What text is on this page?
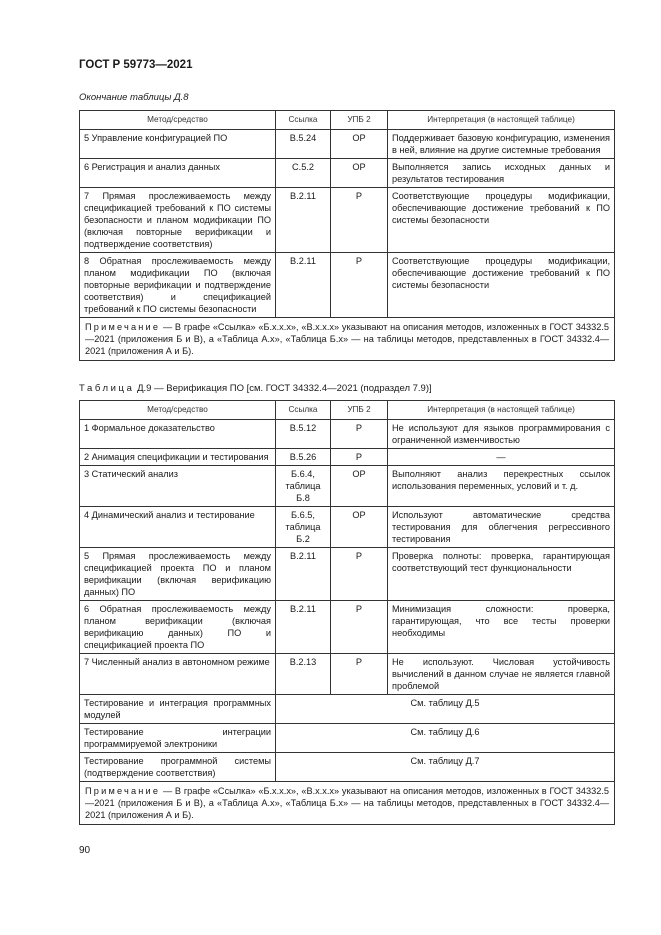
ГОСТ Р 59773—2021
Окончание таблицы Д.8
Метод/средство	Ссылка	УПБ 2	Интерпретация (в настоящей таблице)
5 Управление конфигурацией ПО	В.5.24	ОР	Поддерживает базовую конфигурацию, изменения в ней, влияние на другие системные требования
6 Регистрация и анализ данных	С.5.2	ОР	Выполняется запись исходных данных и результатов тестирования
7 Прямая прослеживаемость между спецификацией требований к ПО системы безопасности и планом модификации ПО (включая повторные верификации и подтверждение соответствия)	В.2.11	Р	Соответствующие процедуры модификации, обеспечивающие достижение требований к ПО системы безопасности
8 Обратная прослеживаемость между планом модификации ПО (включая повторные верификации и подтверждение соответствия) и спецификацией требований к ПО системы безопасности	В.2.11	Р	Соответствующие процедуры модификации, обеспечивающие достижение требований к ПО системы безопасности
Примечание — В графе «Ссылка» «Б.х.х.х», «В.х.х.х» указывают на описания методов, изложенных в ГОСТ 34332.5—2021 (приложения Б и В), а «Таблица А.х», «Таблица Б.х» — на таблицы методов, представленных в ГОСТ 34332.4—2021 (приложения А и Б).			
Таблица Д.9 — Верификация ПО [см. ГОСТ 34332.4—2021 (подраздел 7.9)]
Метод/средство	Ссылка	УПБ 2	Интерпретация (в настоящей таблице)
1 Формальное доказательство	В.5.12	Р	Не используют для языков программирования с ограниченной изменчивостью
2 Анимация спецификации и тестирования	В.5.26	Р	—
3 Статический анализ	Б.6.4, таблица Б.8	ОР	Выполняют анализ перекрестных ссылок использования переменных, условий и т. д.
4 Динамический анализ и тестирование	Б.6.5, таблица Б.2	ОР	Используют автоматические средства тестирования для облегчения регрессивного тестирования
5 Прямая прослеживаемость между спецификацией проекта ПО и планом верификации (включая верификацию данных) ПО	В.2.11	Р	Проверка полноты: проверка, гарантирующая соответствующий тест функциональности
6 Обратная прослеживаемость между планом верификации (включая верификацию данных) ПО и спецификацией проекта ПО	В.2.11	Р	Минимизация сложности: проверка, гарантирующая, что все тесты проверки необходимы
7 Численный анализ в автономном режиме	В.2.13	Р	Не используют. Числовая устойчивость вычислений в данном случае не является главной проблемой
Тестирование и интеграция программных модулей	См. таблицу Д.5		
Тестирование интеграции программируемой электроники	См. таблицу Д.6		
Тестирование программной системы (подтверждение соответствия)	См. таблицу Д.7		
Примечание — В графе «Ссылка» «Б.х.х.х», «В.х.х.х» указывают на описания методов, изложенных в ГОСТ 34332.5—2021 (приложения Б и В), а «Таблица А.х», «Таблица Б.х» — на таблицы методов, представленных в ГОСТ 34332.4—2021 (приложения А и Б).			
90
